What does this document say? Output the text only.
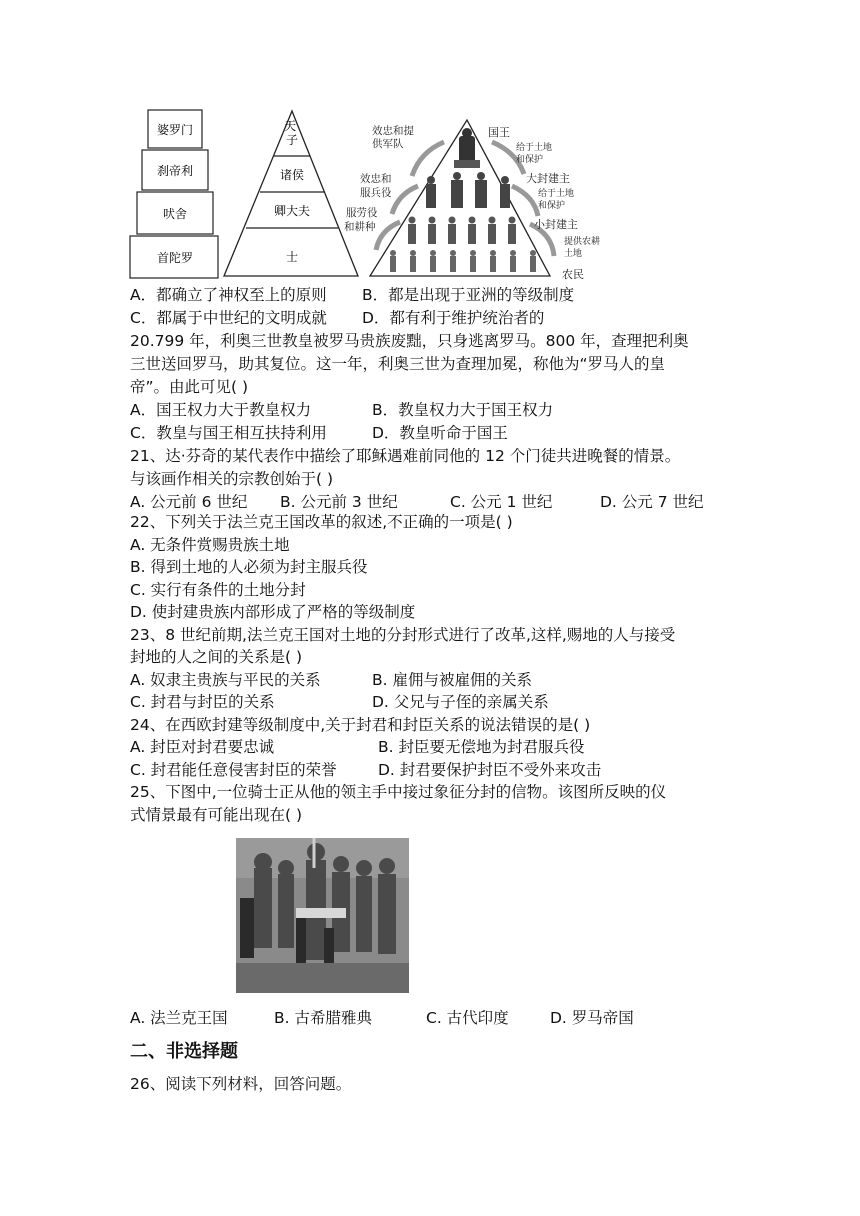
婆罗门
刹帝利
吠舍
首陀罗
天 子
诸侯
卿大夫
士
效忠和提供军队
效忠和服兵役
服劳役和耕种
国王
大封建主
小封建主
农民
给于土地和保护
给于土地和保护
提供农耕土地
A．都确立了神权至上的原则 B．都是出现于亚洲的等级制度
C．都属于中世纪的文明成就 D．都有利于维护统治者的
20.799 年，利奥三世教皇被罗马贵族废黜，只身逃离罗马。800 年，查理把利奥
三世送回罗马，助其复位。这一年，利奥三世为查理加冕，称他为“罗马人的皇
帝”。由此可见( )
A．国王权力大于教皇权力	B．教皇权力大于国王权力
C．教皇与国王相互扶持利用	D．教皇听命于国王
21、达·芬奇的某代表作中描绘了耶稣遇难前同他的 12 个门徒共进晚餐的情景。
与该画作相关的宗教创始于( )
A. 公元前 6 世纪 B. 公元前 3 世纪	C. 公元 1 世纪	D. 公元 7 世纪
22、下列关于法兰克王国改革的叙述,不正确的一项是( )
A. 无条件赏赐贵族土地
B. 得到土地的人必须为封主服兵役
C. 实行有条件的土地分封
D. 使封建贵族内部形成了严格的等级制度
23、8 世纪前期,法兰克王国对土地的分封形式进行了改革,这样,赐地的人与接受
封地的人之间的关系是( )
A. 奴隶主贵族与平民的关系	B. 雇佣与被雇佣的关系
C. 封君与封臣的关系	D. 父兄与子侄的亲属关系
24、在西欧封建等级制度中,关于封君和封臣关系的说法错误的是( )
A. 封臣对封君要忠诚	B. 封臣要无偿地为封君服兵役
C. 封君能任意侵害封臣的荣誉	D. 封君要保护封臣不受外来攻击
25、下图中,一位骑士正从他的领主手中接过象征分封的信物。该图所反映的仪
式情景最有可能出现在( )
A. 法兰克王国	B. 古希腊雅典	C. 古代印度	D. 罗马帝国
二、非选择题
26、阅读下列材料，回答问题。
